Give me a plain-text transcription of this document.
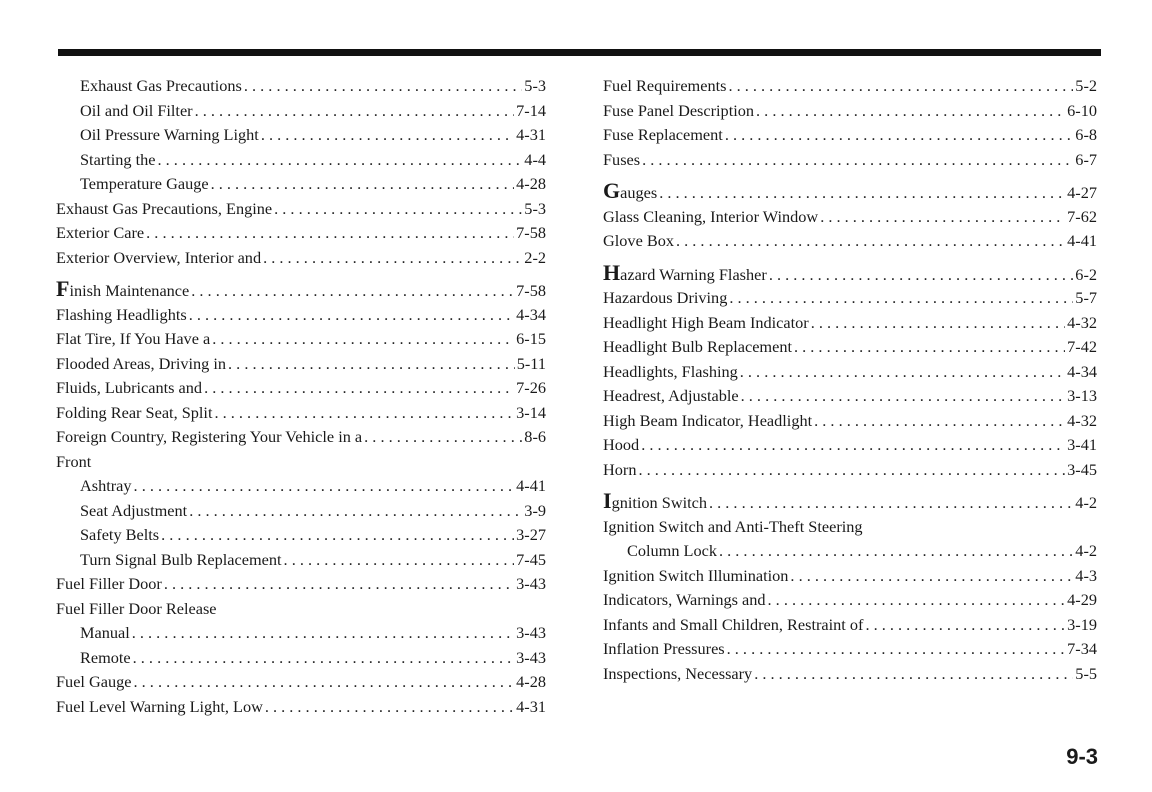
Exhaust Gas Precautions . . .	5-3
Oil and Oil Filter . . .	7-14
Oil Pressure Warning Light . . .	4-31
Starting the . . .	4-4
Temperature Gauge . . .	4-28
Exhaust Gas Precautions, Engine . . .	5-3
Exterior Care . . .	7-58
Exterior Overview, Interior and . . .	2-2
Finish Maintenance . . .	7-58
Flashing Headlights . . .	4-34
Flat Tire, If You Have a . . .	6-15
Flooded Areas, Driving in . . .	5-11
Fluids, Lubricants and . . .	7-26
Folding Rear Seat, Split . . .	3-14
Foreign Country, Registering Your Vehicle in a . . .	8-6
Front
Ashtray . . .	4-41
Seat Adjustment . . .	3-9
Safety Belts . . .	3-27
Turn Signal Bulb Replacement . . .	7-45
Fuel Filler Door . . .	3-43
Fuel Filler Door Release
Manual . . .	3-43
Remote . . .	3-43
Fuel Gauge . . .	4-28
Fuel Level Warning Light, Low . . .	4-31
Fuel Requirements . . .	5-2
Fuse Panel Description . . .	6-10
Fuse Replacement . . .	6-8
Fuses . . .	6-7
Gauges . . .	4-27
Glass Cleaning, Interior Window . . .	7-62
Glove Box . . .	4-41
Hazard Warning Flasher . . .	6-2
Hazardous Driving . . .	5-7
Headlight High Beam Indicator . . .	4-32
Headlight Bulb Replacement . . .	7-42
Headlights, Flashing . . .	4-34
Headrest, Adjustable . . .	3-13
High Beam Indicator, Headlight . . .	4-32
Hood . . .	3-41
Horn . . .	3-45
Ignition Switch . . .	4-2
Ignition Switch and Anti-Theft Steering
Column Lock . . .	4-2
Ignition Switch Illumination . . .	4-3
Indicators, Warnings and . . .	4-29
Infants and Small Children, Restraint of . . .	3-19
Inflation Pressures . . .	7-34
Inspections, Necessary . . .	5-5
9-3
